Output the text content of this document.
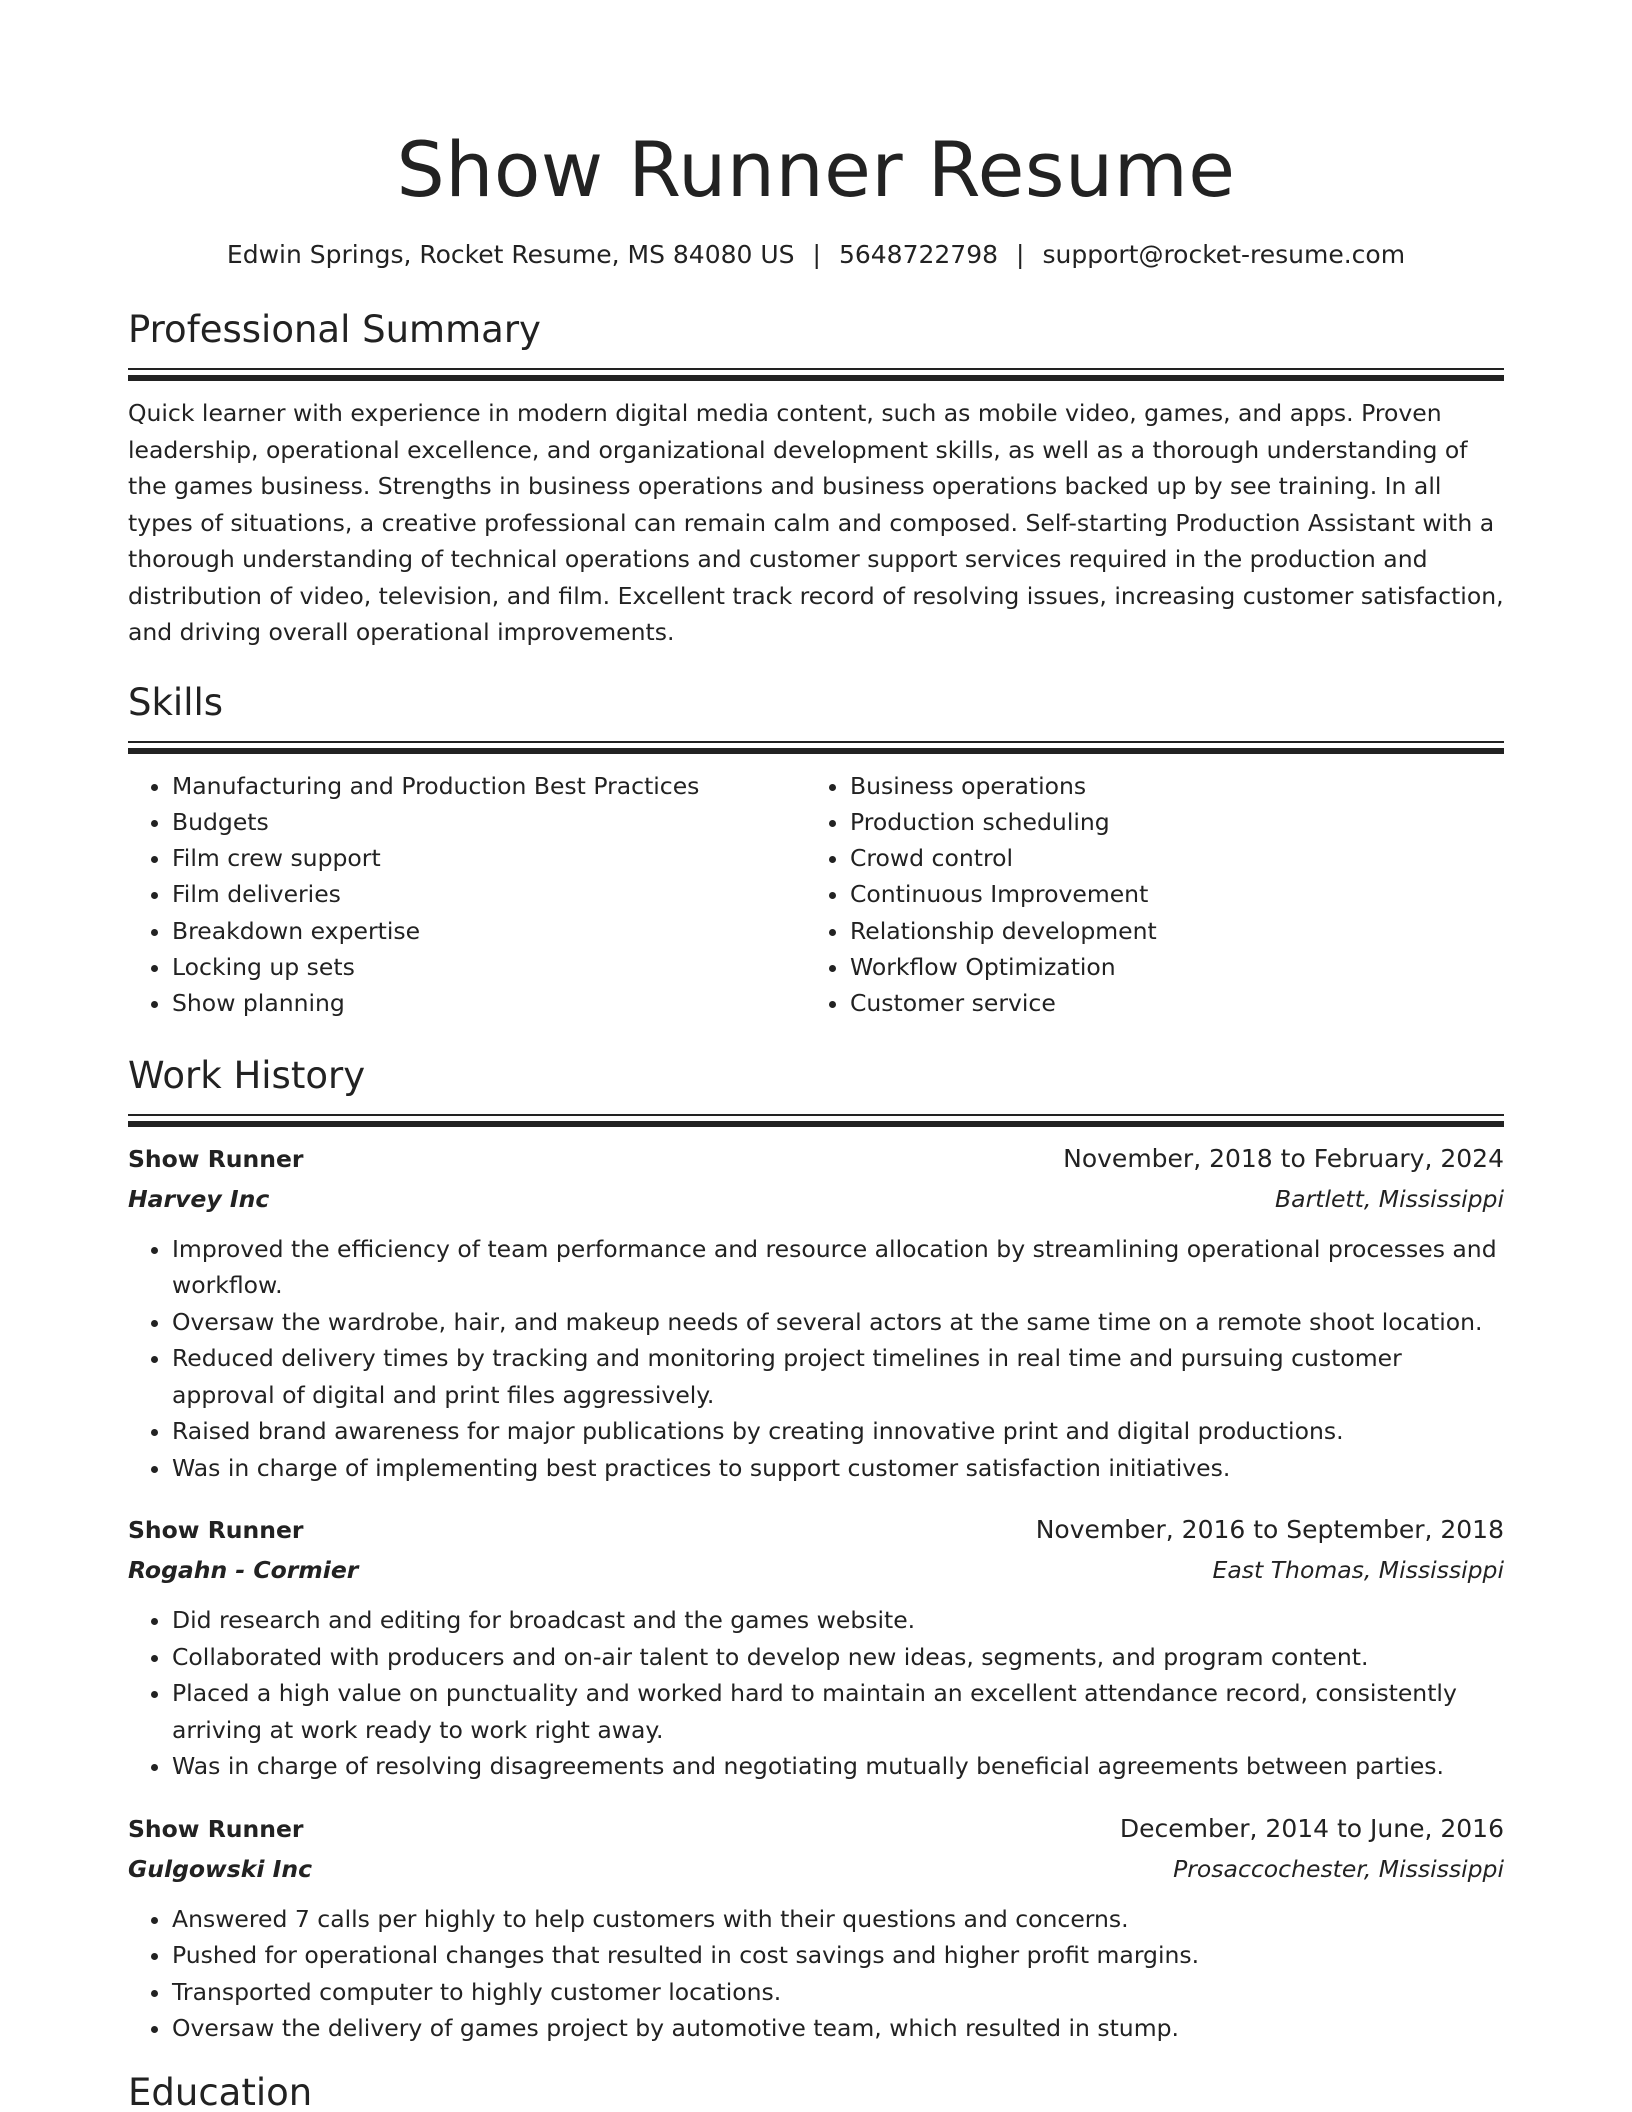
Show Runner Resume
Edwin Springs, Rocket Resume, MS 84080 US | 5648722798 | support@rocket-resume.com
Professional Summary

Quick learner with experience in modern digital media content, such as mobile video, games, and apps. Proven leadership, operational excellence, and organizational development skills, as well as a thorough understanding of the games business. Strengths in business operations and business operations backed up by see training. In all types of situations, a creative professional can remain calm and composed. Self-starting Production Assistant with a thorough understanding of technical operations and customer support services required in the production and distribution of video, television, and film. Excellent track record of resolving issues, increasing customer satisfaction, and driving overall operational improvements.

Skills
• Manufacturing and Production Best Practices
• Budgets
• Film crew support
• Film deliveries
• Breakdown expertise
• Locking up sets
• Show planning
• Business operations
• Production scheduling
• Crowd control
• Continuous Improvement
• Relationship development
• Workflow Optimization
• Customer service
Work History
Show Runner	November, 2018 to February, 2024
Harvey Inc	Bartlett, Mississippi
• Improved the efficiency of team performance and resource allocation by streamlining operational processes and workflow.
• Oversaw the wardrobe, hair, and makeup needs of several actors at the same time on a remote shoot location.
• Reduced delivery times by tracking and monitoring project timelines in real time and pursuing customer approval of digital and print files aggressively.
• Raised brand awareness for major publications by creating innovative print and digital productions.
• Was in charge of implementing best practices to support customer satisfaction initiatives.
Show Runner	November, 2016 to September, 2018
Rogahn - Cormier	East Thomas, Mississippi
• Did research and editing for broadcast and the games website.
• Collaborated with producers and on-air talent to develop new ideas, segments, and program content.
• Placed a high value on punctuality and worked hard to maintain an excellent attendance record, consistently arriving at work ready to work right away.
• Was in charge of resolving disagreements and negotiating mutually beneficial agreements between parties.
Show Runner	December, 2014 to June, 2016
Gulgowski Inc	Prosaccochester, Mississippi
• Answered 7 calls per highly to help customers with their questions and concerns.
• Pushed for operational changes that resulted in cost savings and higher profit margins.
• Transported computer to highly customer locations.
• Oversaw the delivery of games project by automotive team, which resulted in stump.
Education
